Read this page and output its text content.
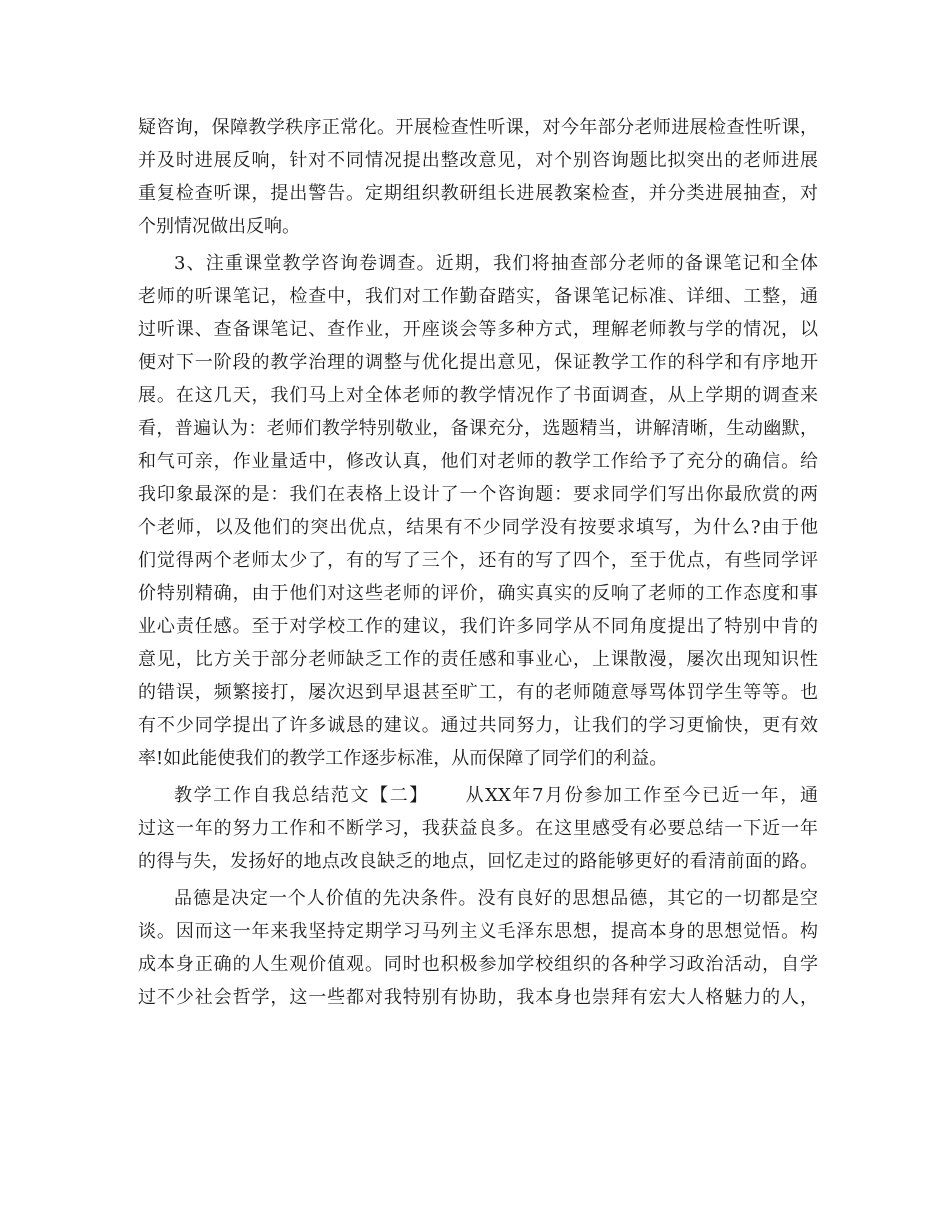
疑咨询，保障教学秩序正常化。开展检查性听课，对今年部分老师进展检查性听课，
并及时进展反响，针对不同情况提出整改意见，对个别咨询题比拟突出的老师进展
重复检查听课，提出警告。定期组织教研组长进展教案检查，并分类进展抽查，对
个别情况做出反响。
3、注重课堂教学咨询卷调查。近期，我们将抽查部分老师的备课笔记和全体
老师的听课笔记，检查中，我们对工作勤奋踏实，备课笔记标准、详细、工整，通
过听课、查备课笔记、查作业，开座谈会等多种方式，理解老师教与学的情况，以
便对下一阶段的教学治理的调整与优化提出意见，保证教学工作的科学和有序地开
展。在这几天，我们马上对全体老师的教学情况作了书面调查，从上学期的调查来
看，普遍认为：老师们教学特别敬业，备课充分，选题精当，讲解清晰，生动幽默，
和气可亲，作业量适中，修改认真，他们对老师的教学工作给予了充分的确信。给
我印象最深的是：我们在表格上设计了一个咨询题：要求同学们写出你最欣赏的两
个老师，以及他们的突出优点，结果有不少同学没有按要求填写，为什么?由于他
们觉得两个老师太少了，有的写了三个，还有的写了四个，至于优点，有些同学评
价特别精确，由于他们对这些老师的评价，确实真实的反响了老师的工作态度和事
业心责任感。至于对学校工作的建议，我们许多同学从不同角度提出了特别中肯的
意见，比方关于部分老师缺乏工作的责任感和事业心，上课散漫，屡次出现知识性
的错误，频繁接打，屡次迟到早退甚至旷工，有的老师随意辱骂体罚学生等等。也
有不少同学提出了许多诚恳的建议。通过共同努力，让我们的学习更愉快，更有效
率!如此能使我们的教学工作逐步标准，从而保障了同学们的利益。
教学工作自我总结范文【二】     从XX年7月份参加工作至今已近一年，通
过这一年的努力工作和不断学习，我获益良多。在这里感受有必要总结一下近一年
的得与失，发扬好的地点改良缺乏的地点，回忆走过的路能够更好的看清前面的路。
品德是决定一个人价值的先决条件。没有良好的思想品德，其它的一切都是空
谈。因而这一年来我坚持定期学习马列主义毛泽东思想，提高本身的思想觉悟。构
成本身正确的人生观价值观。同时也积极参加学校组织的各种学习政治活动，自学
过不少社会哲学，这一些都对我特别有协助，我本身也崇拜有宏大人格魅力的人，
